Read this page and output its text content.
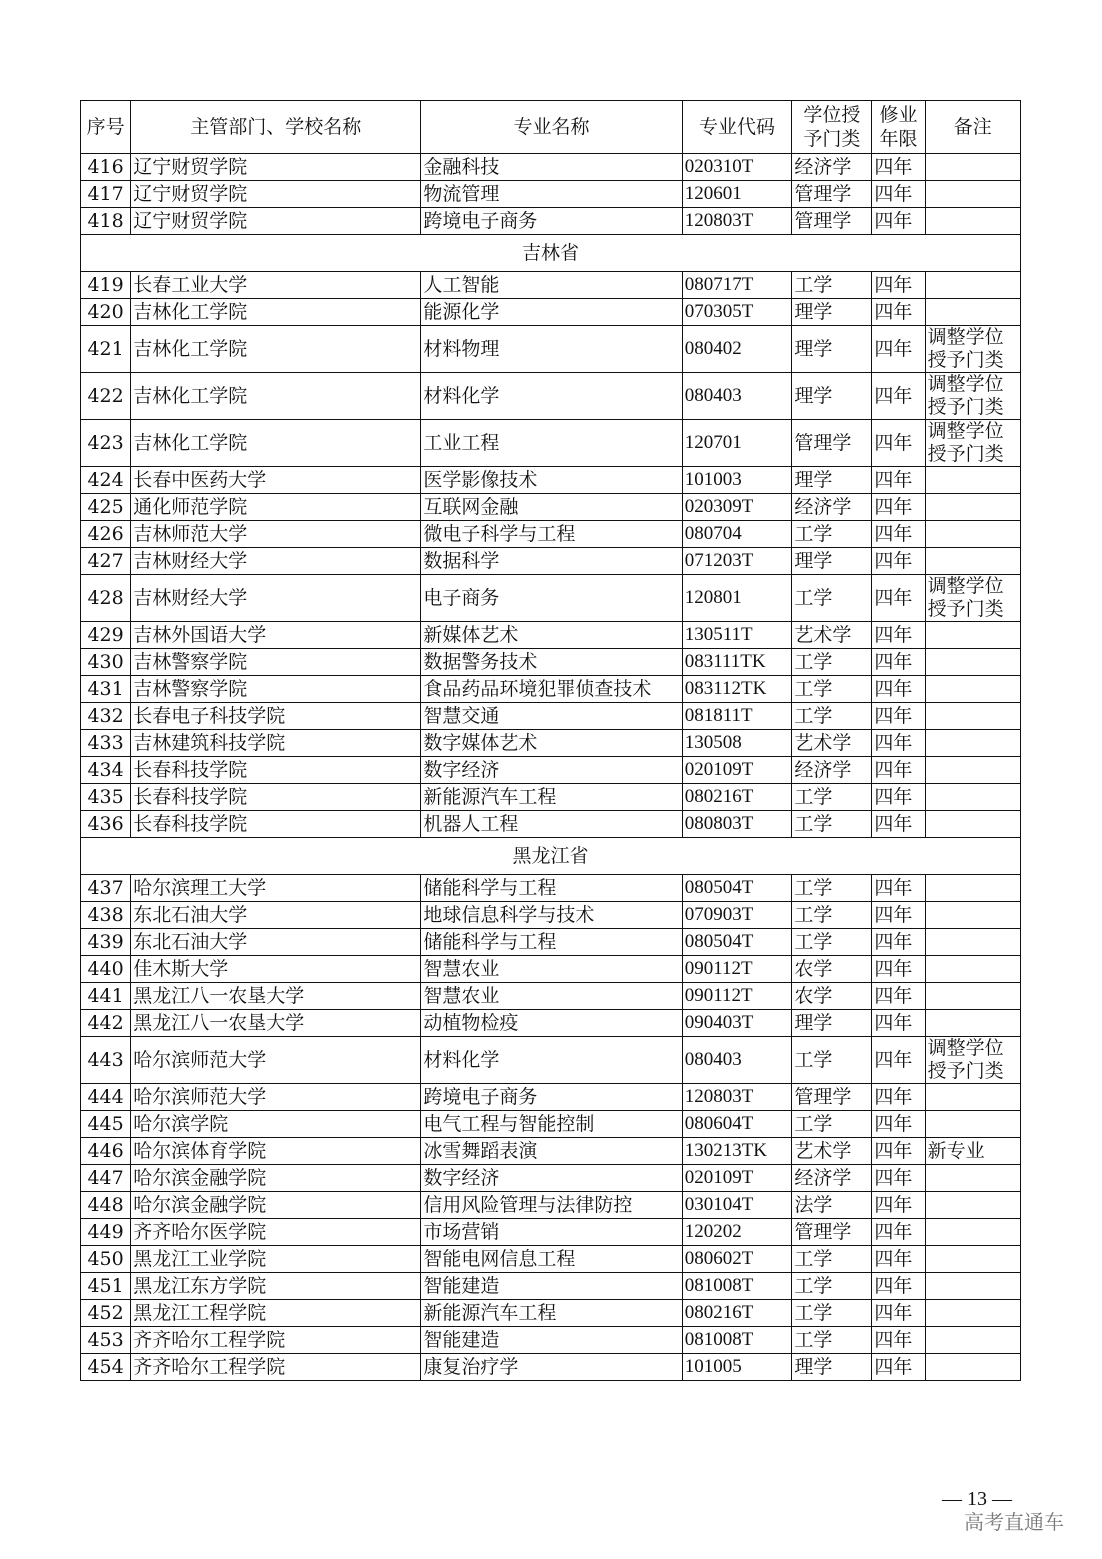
序号	主管部门、学校名称	专业名称	专业代码	学位授予门类	修业年限	备注
416	辽宁财贸学院	金融科技	020310T	经济学	四年	
417	辽宁财贸学院	物流管理	120601	管理学	四年	
418	辽宁财贸学院	跨境电子商务	120803T	管理学	四年	
吉林省						
419	长春工业大学	人工智能	080717T	工学	四年	
420	吉林化工学院	能源化学	070305T	理学	四年	
421	吉林化工学院	材料物理	080402	理学	四年	调整学位授予门类
422	吉林化工学院	材料化学	080403	理学	四年	调整学位授予门类
423	吉林化工学院	工业工程	120701	管理学	四年	调整学位授予门类
424	长春中医药大学	医学影像技术	101003	理学	四年	
425	通化师范学院	互联网金融	020309T	经济学	四年	
426	吉林师范大学	微电子科学与工程	080704	工学	四年	
427	吉林财经大学	数据科学	071203T	理学	四年	
428	吉林财经大学	电子商务	120801	工学	四年	调整学位授予门类
429	吉林外国语大学	新媒体艺术	130511T	艺术学	四年	
430	吉林警察学院	数据警务技术	083111TK	工学	四年	
431	吉林警察学院	食品药品环境犯罪侦查技术	083112TK	工学	四年	
432	长春电子科技学院	智慧交通	081811T	工学	四年	
433	吉林建筑科技学院	数字媒体艺术	130508	艺术学	四年	
434	长春科技学院	数字经济	020109T	经济学	四年	
435	长春科技学院	新能源汽车工程	080216T	工学	四年	
436	长春科技学院	机器人工程	080803T	工学	四年	
黑龙江省						
437	哈尔滨理工大学	储能科学与工程	080504T	工学	四年	
438	东北石油大学	地球信息科学与技术	070903T	工学	四年	
439	东北石油大学	储能科学与工程	080504T	工学	四年	
440	佳木斯大学	智慧农业	090112T	农学	四年	
441	黑龙江八一农垦大学	智慧农业	090112T	农学	四年	
442	黑龙江八一农垦大学	动植物检疫	090403T	理学	四年	
443	哈尔滨师范大学	材料化学	080403	工学	四年	调整学位授予门类
444	哈尔滨师范大学	跨境电子商务	120803T	管理学	四年	
445	哈尔滨学院	电气工程与智能控制	080604T	工学	四年	
446	哈尔滨体育学院	冰雪舞蹈表演	130213TK	艺术学	四年	新专业
447	哈尔滨金融学院	数字经济	020109T	经济学	四年	
448	哈尔滨金融学院	信用风险管理与法律防控	030104T	法学	四年	
449	齐齐哈尔医学院	市场营销	120202	管理学	四年	
450	黑龙江工业学院	智能电网信息工程	080602T	工学	四年	
451	黑龙江东方学院	智能建造	081008T	工学	四年	
452	黑龙江工程学院	新能源汽车工程	080216T	工学	四年	
453	齐齐哈尔工程学院	智能建造	081008T	工学	四年	
454	齐齐哈尔工程学院	康复治疗学	101005	理学	四年	
— 13 —
高考直通车
